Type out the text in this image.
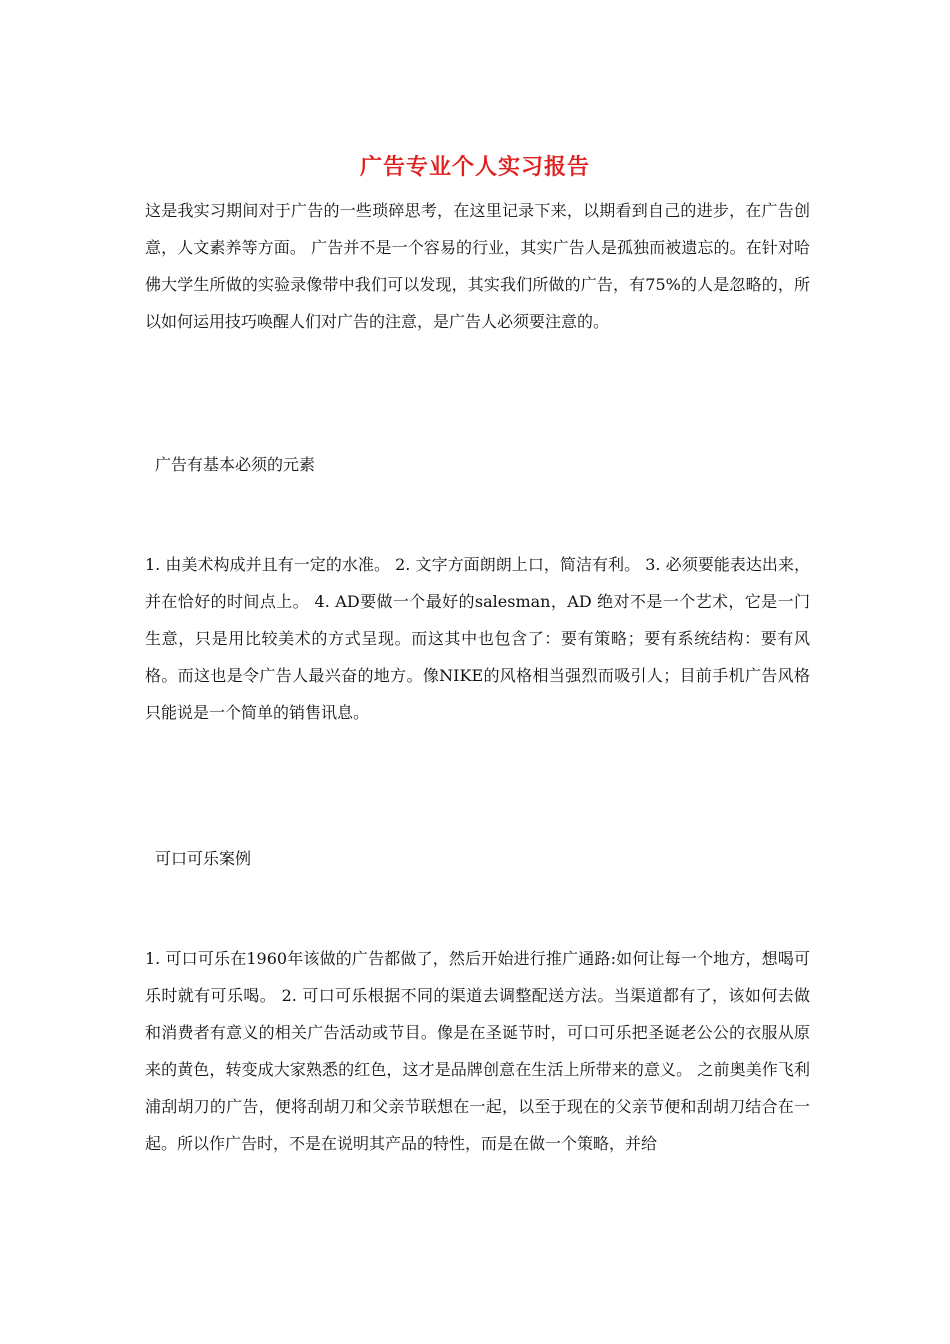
广告专业个人实习报告

这是我实习期间对于广告的一些琐碎思考，在这里记录下来，以期看到自己的进步，在广告创意，人文素养等方面。 广告并不是一个容易的行业，其实广告人是孤独而被遗忘的。在针对哈佛大学生所做的实验录像带中我们可以发现，其实我们所做的广告，有75%的人是忽略的，所以如何运用技巧唤醒人们对广告的注意，是广告人必须要注意的。

广告有基本必须的元素

1. 由美术构成并且有一定的水准。 2. 文字方面朗朗上口，简洁有利。 3. 必须要能表达出来，并在恰好的时间点上。 4. AD要做一个最好的salesman，AD 绝对不是一个艺术，它是一门生意，只是用比较美术的方式呈现。而这其中也包含了：要有策略；要有系统结构：要有风格。而这也是令广告人最兴奋的地方。像NIKE的风格相当强烈而吸引人；目前手机广告风格只能说是一个简单的销售讯息。

可口可乐案例

1. 可口可乐在1960年该做的广告都做了，然后开始进行推广通路:如何让每一个地方，想喝可乐时就有可乐喝。 2. 可口可乐根据不同的渠道去调整配送方法。当渠道都有了，该如何去做和消费者有意义的相关广告活动或节目。像是在圣诞节时，可口可乐把圣诞老公公的衣服从原来的黄色，转变成大家熟悉的红色，这才是品牌创意在生活上所带来的意义。 之前奥美作飞利浦刮胡刀的广告，便将刮胡刀和父亲节联想在一起，以至于现在的父亲节便和刮胡刀结合在一起。所以作广告时，不是在说明其产品的特性，而是在做一个策略，并给
